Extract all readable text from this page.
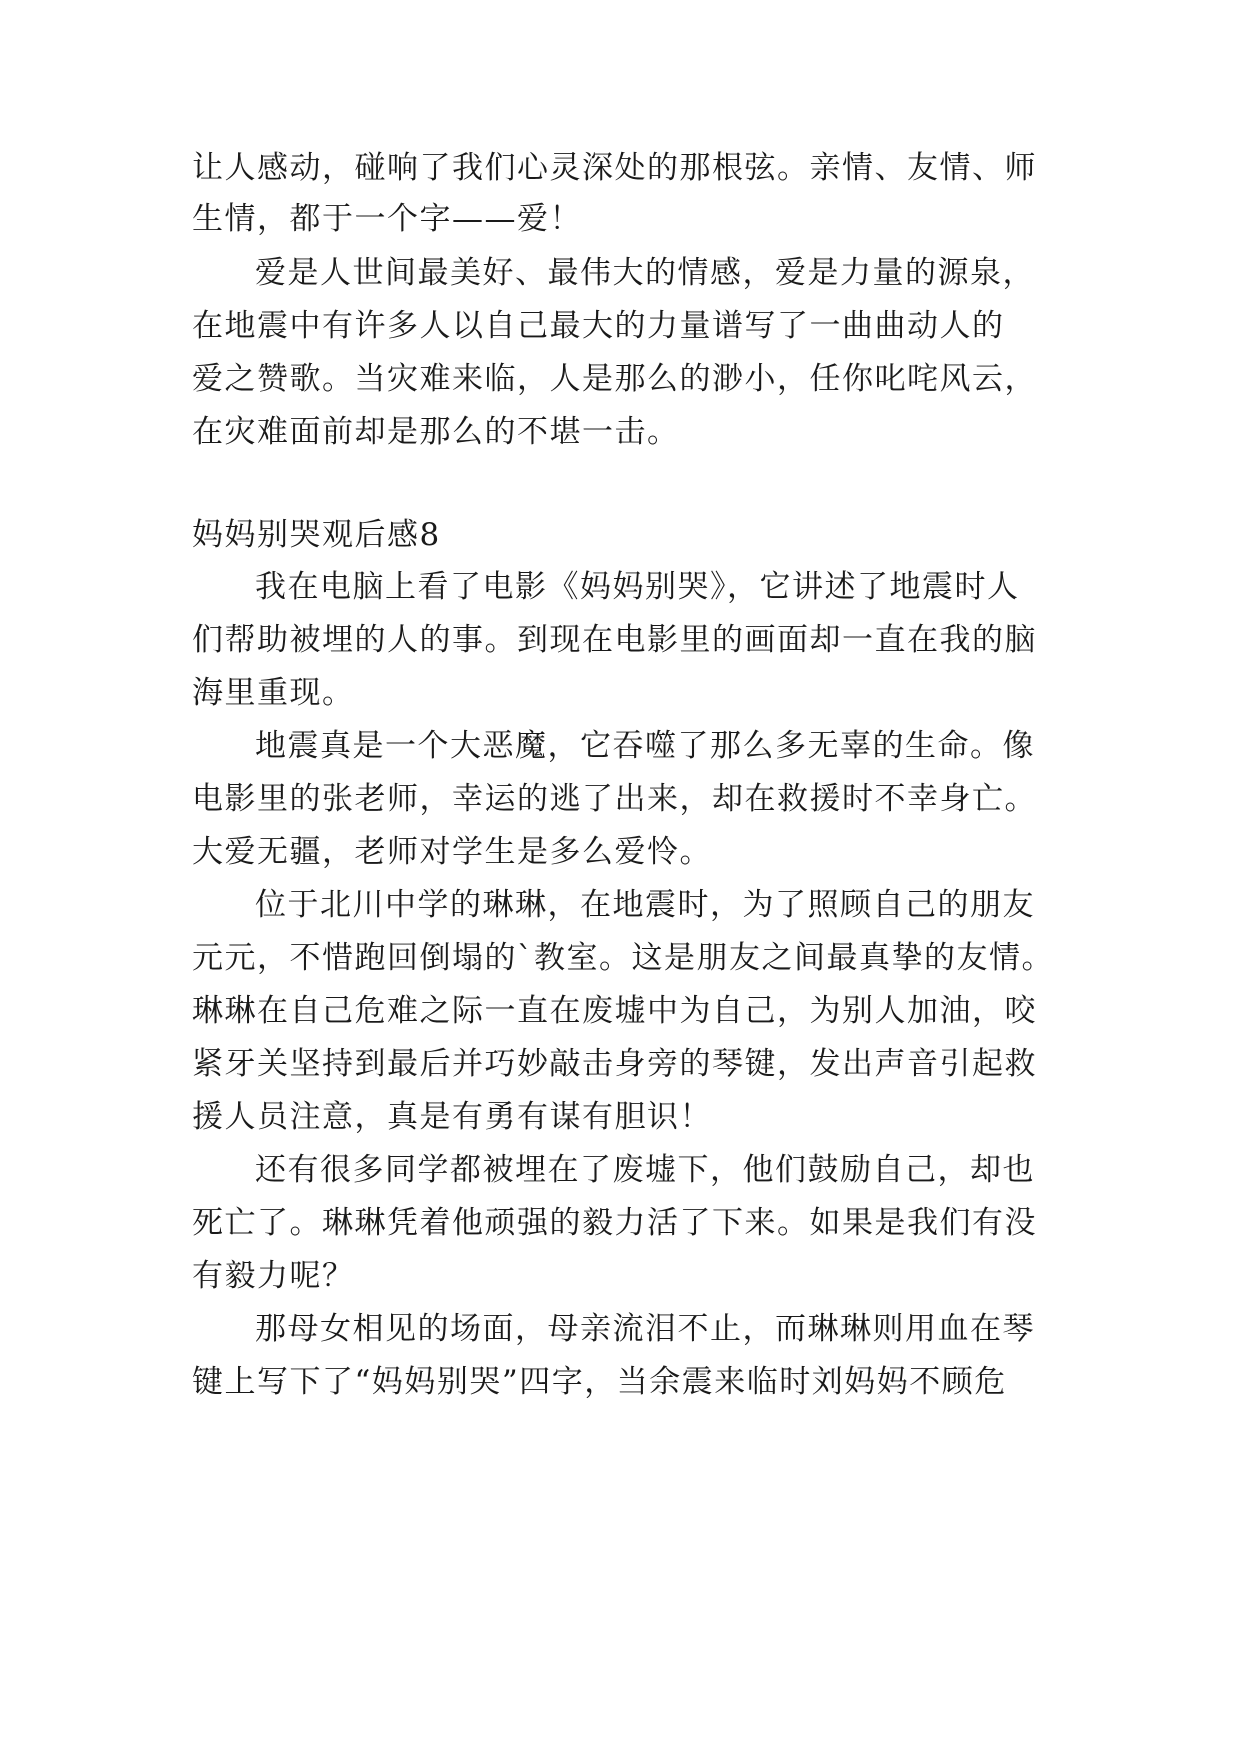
让人感动，碰响了我们心灵深处的那根弦。亲情、友情、师
生情，都于一个字——爱！
爱是人世间最美好、最伟大的情感，爱是力量的源泉，
在地震中有许多人以自己最大的力量谱写了一曲曲动人的
爱之赞歌。当灾难来临，人是那么的渺小，任你叱咤风云，
在灾难面前却是那么的不堪一击。
妈妈别哭观后感8
我在电脑上看了电影《妈妈别哭》，它讲述了地震时人
们帮助被埋的人的事。到现在电影里的画面却一直在我的脑
海里重现。
地震真是一个大恶魔，它吞噬了那么多无辜的生命。像
电影里的张老师，幸运的逃了出来，却在救援时不幸身亡。
大爱无疆，老师对学生是多么爱怜。
位于北川中学的琳琳，在地震时，为了照顾自己的朋友
元元，不惜跑回倒塌的`教室。这是朋友之间最真挚的友情。
琳琳在自己危难之际一直在废墟中为自己，为别人加油，咬
紧牙关坚持到最后并巧妙敲击身旁的琴键，发出声音引起救
援人员注意，真是有勇有谋有胆识！
还有很多同学都被埋在了废墟下，他们鼓励自己，却也
死亡了。琳琳凭着他顽强的毅力活了下来。如果是我们有没
有毅力呢？
那母女相见的场面，母亲流泪不止，而琳琳则用血在琴
键上写下了“妈妈别哭”四字，当余震来临时刘妈妈不顾危
